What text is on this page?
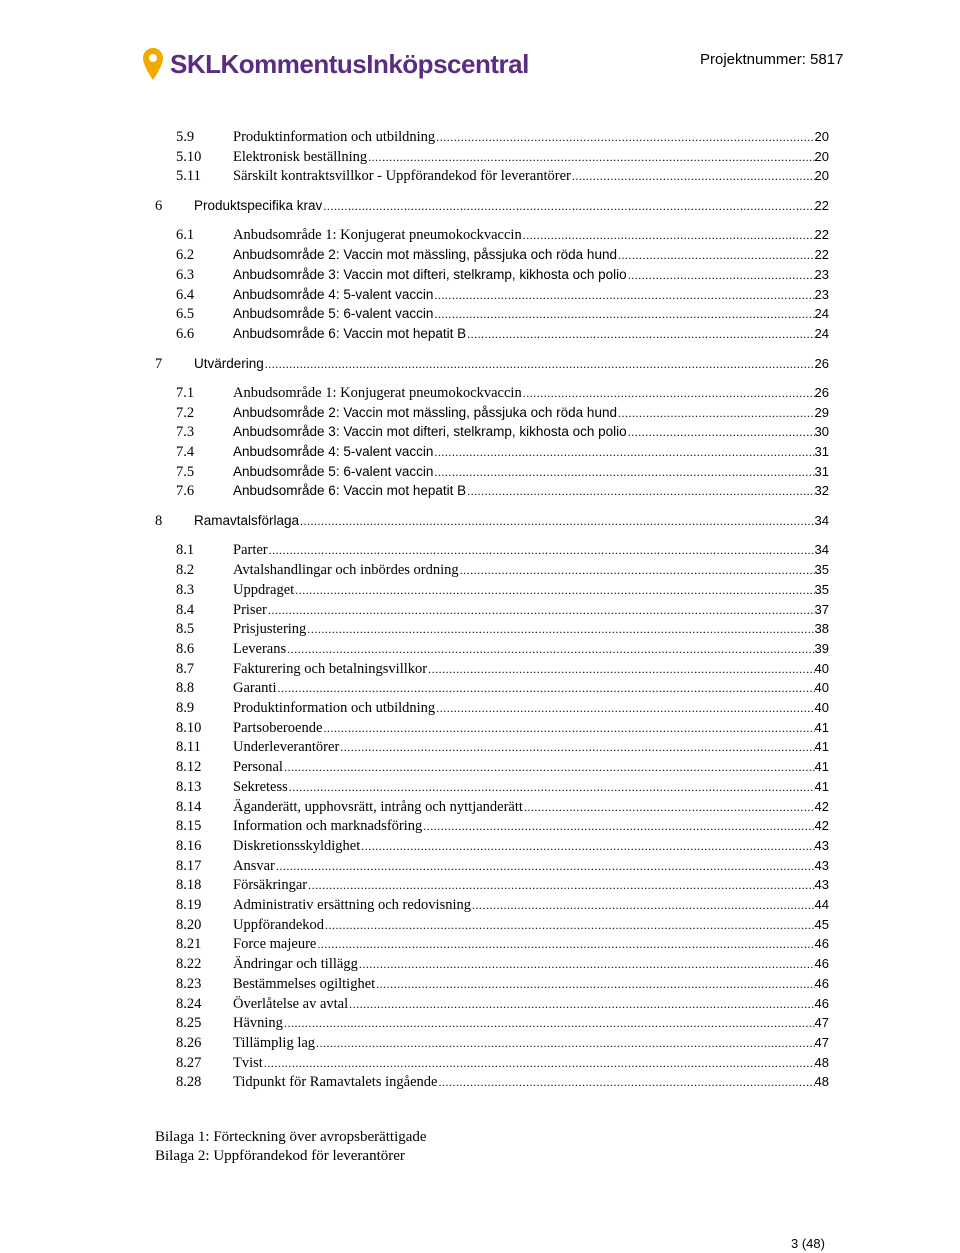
SKLKommentusInköpscentral	Projektnummer: 5817
5.9	Produktinformation och utbildning .....	20
5.10 Elektronisk beställning .....	20
5.11 Särskilt kontraktsvillkor - Uppförandekod för leverantörer .....	20
6 Produktspecifika krav .....	22
6.1	Anbudsområde 1: Konjugerat pneumokockvaccin .....	22
6.2	Anbudsområde 2: Vaccin mot mässling, påssjuka och röda hund .....	22
6.3	Anbudsområde 3: Vaccin mot difteri, stelkramp, kikhosta och polio .....	23
6.4	Anbudsområde 4: 5-valent vaccin .....	23
6.5	Anbudsområde 5: 6-valent vaccin .....	24
6.6	Anbudsområde 6: Vaccin mot hepatit B .....	24
7 Utvärdering .....	26
7.1	Anbudsområde 1: Konjugerat pneumokockvaccin .....	26
7.2	Anbudsområde 2: Vaccin mot mässling, påssjuka och röda hund .....	29
7.3	Anbudsområde 3: Vaccin mot difteri, stelkramp, kikhosta och polio .....	30
7.4	Anbudsområde 4: 5-valent vaccin .....	31
7.5	Anbudsområde 5: 6-valent vaccin .....	31
7.6	Anbudsområde 6: Vaccin mot hepatit B .....	32
8 Ramavtalsförlaga .....	34
8.1	Parter .....	34
8.2	Avtalshandlingar och inbördes ordning .....	35
8.3	Uppdraget .....	35
8.4	Priser .....	37
8.5	Prisjustering .....	38
8.6	Leverans .....	39
8.7	Fakturering och betalningsvillkor .....	40
8.8	Garanti .....	40
8.9	Produktinformation och utbildning .....	40
8.10 Partsoberoende .....	41
8.11 Underleverantörer .....	41
8.12 Personal .....	41
8.13 Sekretess .....	41
8.14 Äganderätt, upphovsrätt, intrång och nyttjanderätt .....	42
8.15 Information och marknadsföring .....	42
8.16 Diskretionsskyldighet .....	43
8.17 Ansvar .....	43
8.18 Försäkringar .....	43
8.19 Administrativ ersättning och redovisning .....	44
8.20 Uppförandekod .....	45
8.21 Force majeure .....	46
8.22 Ändringar och tillägg .....	46
8.23 Bestämmelses ogiltighet .....	46
8.24 Överlåtelse av avtal .....	46
8.25 Hävning .....	47
8.26 Tillämplig lag .....	47
8.27 Tvist .....	48
8.28 Tidpunkt för Ramavtalets ingående .....	48
Bilaga 1: Förteckning över avropsberättigade
Bilaga 2: Uppförandekod för leverantörer
3 (48)
